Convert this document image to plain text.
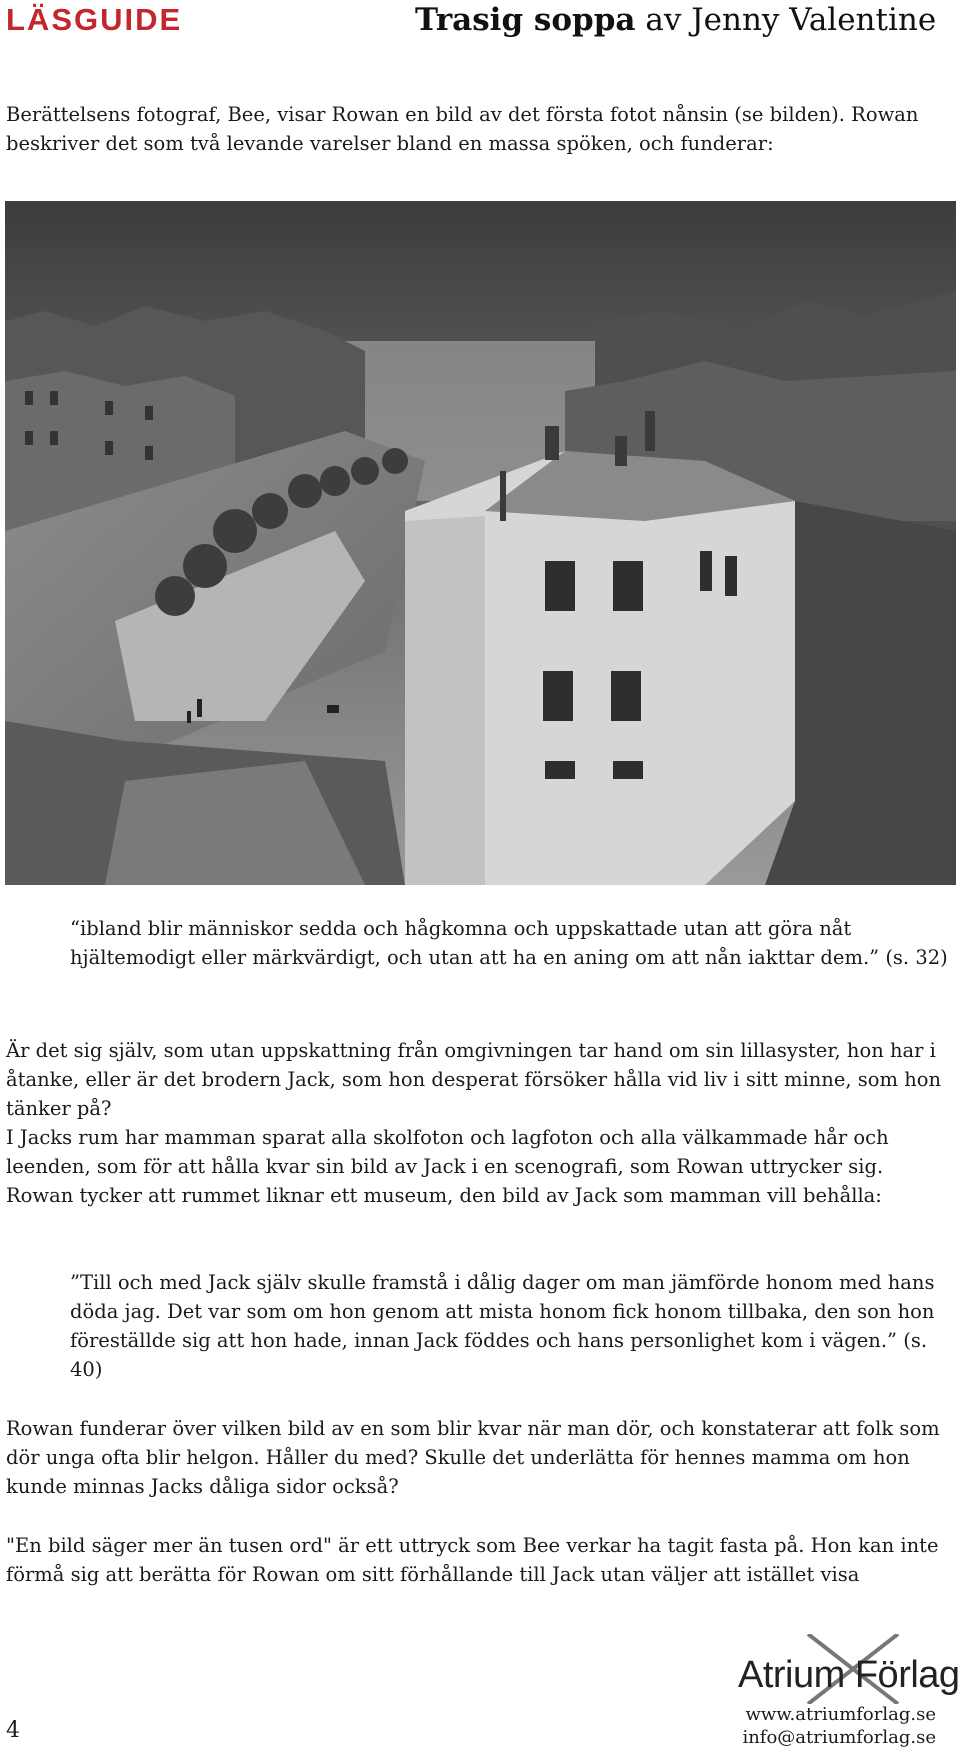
LÄSGUIDE	Trasig soppa av Jenny Valentine

Berättelsens fotograf, Bee, visar Rowan en bild av det första fotot nånsin (se bilden). Rowan beskriver det som två levande varelser bland en massa spöken, och funderar:

“ibland blir människor sedda och hågkomna och uppskattade utan att göra nåt hjältemodigt eller märkvärdigt, och utan att ha en aning om att nån iakttar dem.” (s. 32)

Är det sig själv, som utan uppskattning från omgivningen tar hand om sin lillasyster, hon har i åtanke, eller är det brodern Jack, som hon desperat försöker hålla vid liv i sitt minne, som hon tänker på?

I Jacks rum har mamman sparat alla skolfoton och lagfoton och alla välkammade hår och leenden, som för att hålla kvar sin bild av Jack i en scenografi, som Rowan uttrycker sig. Rowan tycker att rummet liknar ett museum, den bild av Jack som mamman vill behålla:

”Till och med Jack själv skulle framstå i dålig dager om man jämförde honom med hans döda jag. Det var som om hon genom att mista honom fick honom tillbaka, den son hon föreställde sig att hon hade, innan Jack föddes och hans personlighet kom i vägen.” (s. 40)

Rowan funderar över vilken bild av en som blir kvar när man dör, och konstaterar att folk som dör unga ofta blir helgon. Håller du med? Skulle det underlätta för hennes mamma om hon kunde minnas Jacks dåliga sidor också?

"En bild säger mer än tusen ord" är ett uttryck som Bee verkar ha tagit fasta på. Hon kan inte förmå sig att berätta för Rowan om sitt förhållande till Jack utan väljer att istället visa

4
Atrium Förlag
www.atriumforlag.se
info@atriumforlag.se
